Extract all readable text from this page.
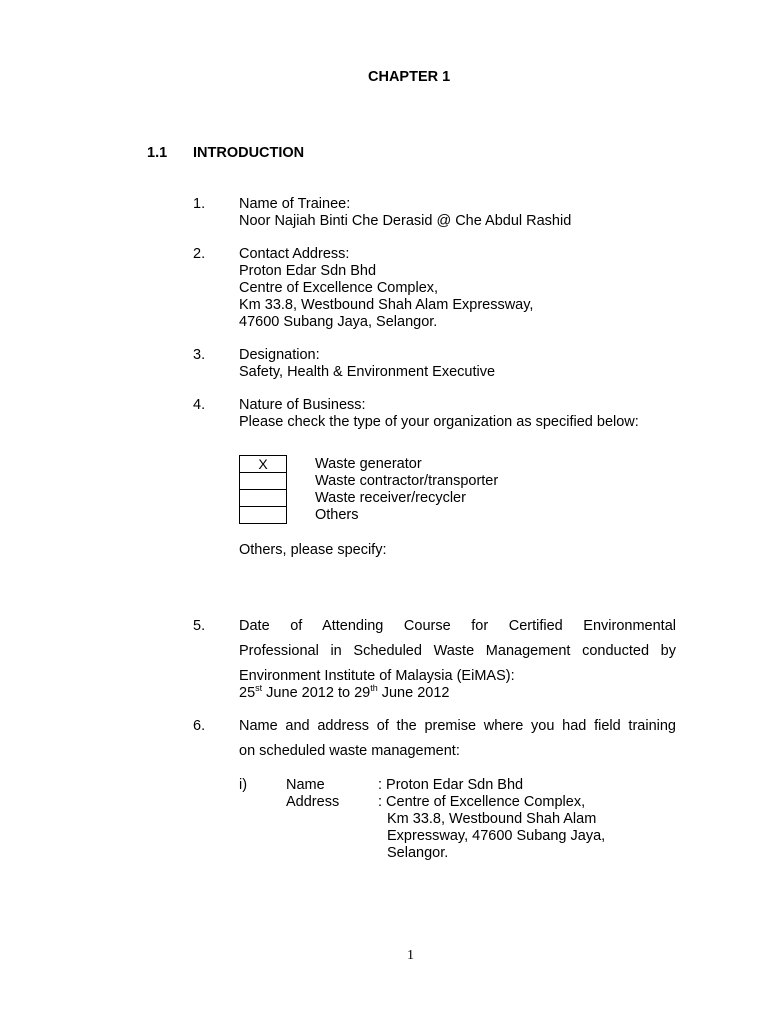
CHAPTER 1
1.1 INTRODUCTION
1. Name of Trainee:
Noor Najiah Binti Che Derasid @ Che Abdul Rashid
2. Contact Address:
Proton Edar Sdn Bhd
Centre of Excellence Complex,
Km 33.8, Westbound Shah Alam Expressway,
47600 Subang Jaya, Selangor.
3. Designation:
Safety, Health & Environment Executive
4. Nature of Business:
Please check the type of your organization as specified below:
X	Waste generator
Waste contractor/transporter
Waste receiver/recycler
Others
Others, please specify:
5. Date of Attending Course for Certified Environmental
Professional in Scheduled Waste Management conducted by
Environment Institute of Malaysia (EiMAS):
25st June 2012 to 29th June 2012
6. Name and address of the premise where you had field training
on scheduled waste management:
i)	Name	: Proton Edar Sdn Bhd
Address	: Centre of Excellence Complex,
Km 33.8, Westbound Shah Alam
Expressway, 47600 Subang Jaya,
Selangor.
1
